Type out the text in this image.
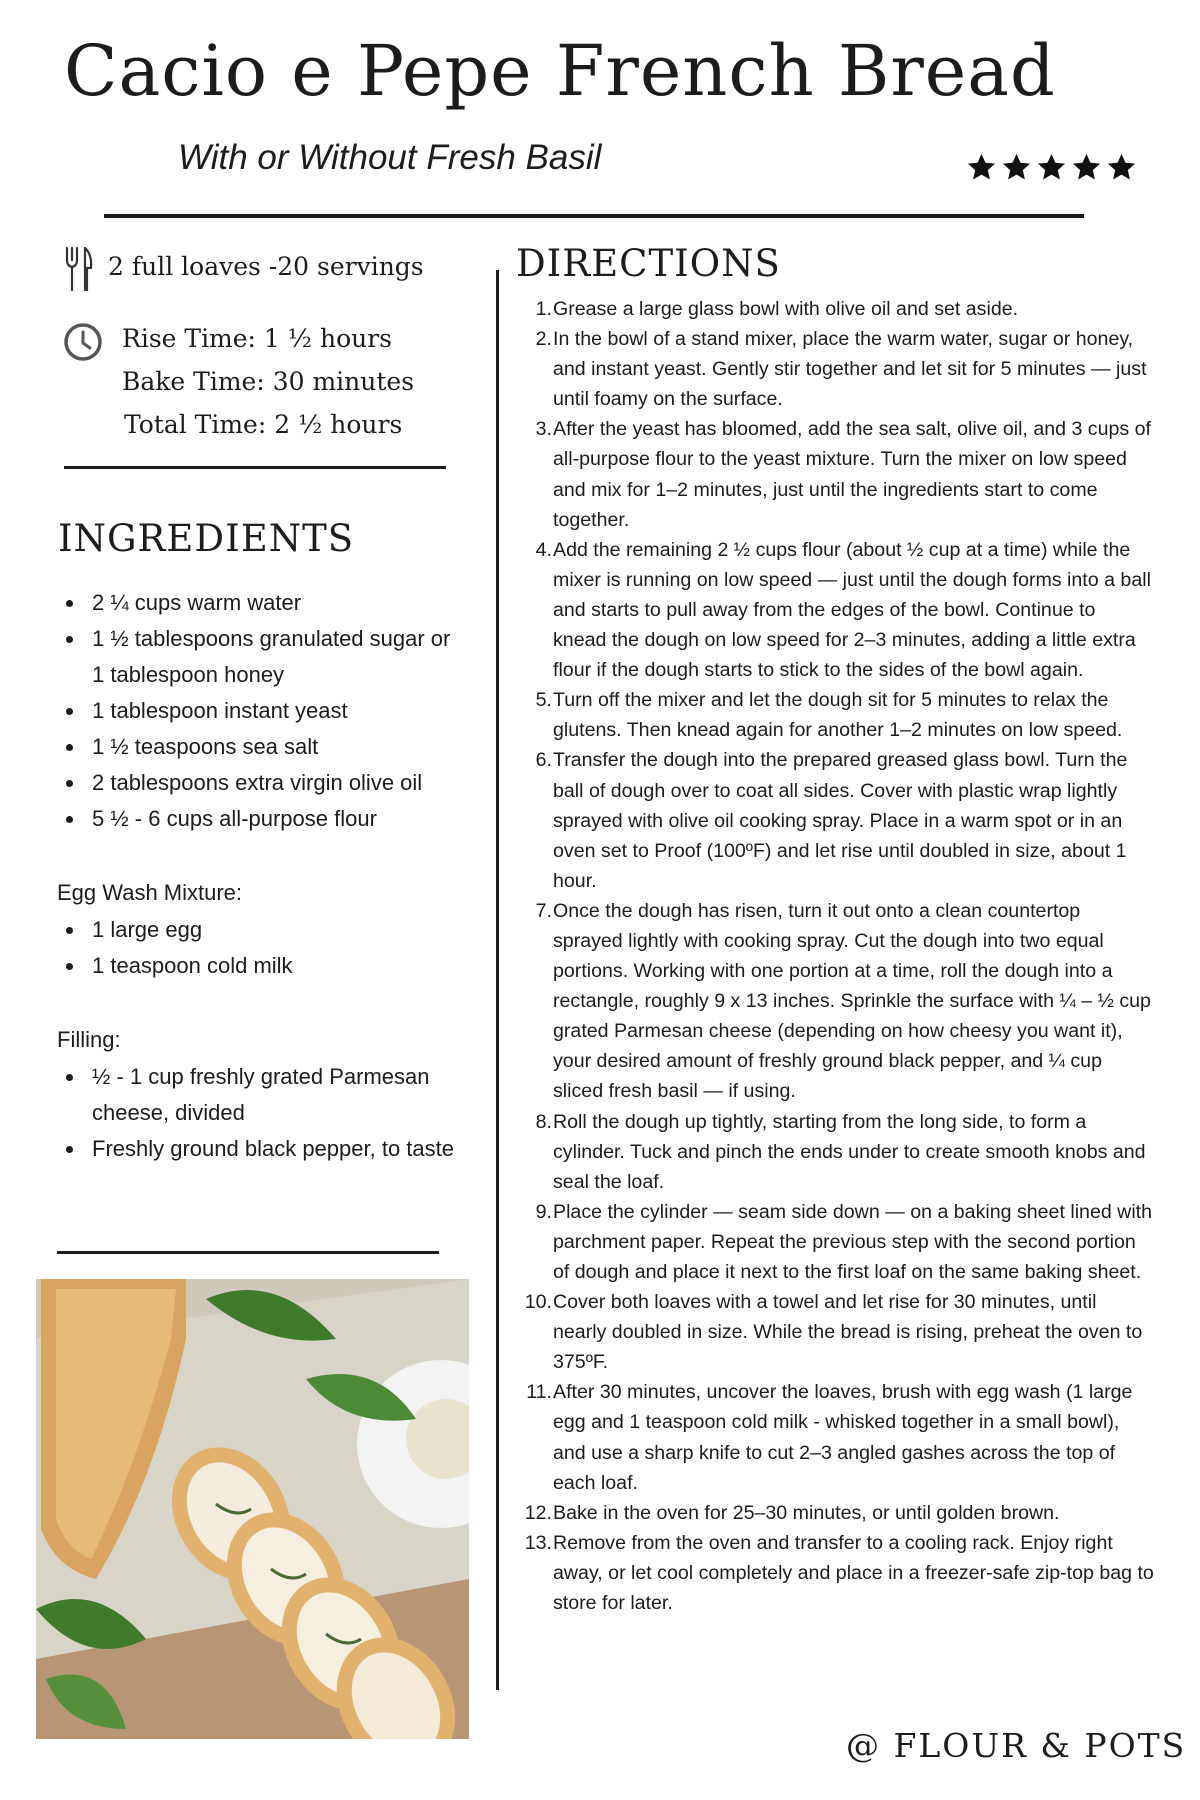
Cacio e Pepe French Bread
With or Without Fresh Basil
2 full loaves -20 servings
Rise Time: 1 ½ hours
Bake Time: 30 minutes
Total Time: 2 ½ hours
INGREDIENTS
2 ¼ cups warm water
1 ½ tablespoons granulated sugar or 1 tablespoon honey
1 tablespoon instant yeast
1 ½ teaspoons sea salt
2 tablespoons extra virgin olive oil
5 ½ - 6 cups all-purpose flour
Egg Wash Mixture:
1 large egg
1 teaspoon cold milk
Filling:
½ - 1 cup freshly grated Parmesan cheese, divided
Freshly ground black pepper, to taste
DIRECTIONS
1. Grease a large glass bowl with olive oil and set aside.
2. In the bowl of a stand mixer, place the warm water, sugar or honey, and instant yeast. Gently stir together and let sit for 5 minutes — just until foamy on the surface.
3. After the yeast has bloomed, add the sea salt, olive oil, and 3 cups of all-purpose flour to the yeast mixture. Turn the mixer on low speed and mix for 1–2 minutes, just until the ingredients start to come together.
4. Add the remaining 2 ½ cups flour (about ½ cup at a time) while the mixer is running on low speed — just until the dough forms into a ball and starts to pull away from the edges of the bowl. Continue to knead the dough on low speed for 2–3 minutes, adding a little extra flour if the dough starts to stick to the sides of the bowl again.
5. Turn off the mixer and let the dough sit for 5 minutes to relax the glutens. Then knead again for another 1–2 minutes on low speed.
6. Transfer the dough into the prepared greased glass bowl. Turn the ball of dough over to coat all sides. Cover with plastic wrap lightly sprayed with olive oil cooking spray. Place in a warm spot or in an oven set to Proof (100ºF) and let rise until doubled in size, about 1 hour.
7. Once the dough has risen, turn it out onto a clean countertop sprayed lightly with cooking spray. Cut the dough into two equal portions. Working with one portion at a time, roll the dough into a rectangle, roughly 9 x 13 inches. Sprinkle the surface with ¼ – ½ cup grated Parmesan cheese (depending on how cheesy you want it), your desired amount of freshly ground black pepper, and ¼ cup sliced fresh basil — if using.
8. Roll the dough up tightly, starting from the long side, to form a cylinder. Tuck and pinch the ends under to create smooth knobs and seal the loaf.
9. Place the cylinder — seam side down — on a baking sheet lined with parchment paper. Repeat the previous step with the second portion of dough and place it next to the first loaf on the same baking sheet.
10. Cover both loaves with a towel and let rise for 30 minutes, until nearly doubled in size. While the bread is rising, preheat the oven to 375ºF.
11. After 30 minutes, uncover the loaves, brush with egg wash (1 large egg and 1 teaspoon cold milk - whisked together in a small bowl), and use a sharp knife to cut 2–3 angled gashes across the top of each loaf.
12. Bake in the oven for 25–30 minutes, or until golden brown.
13. Remove from the oven and transfer to a cooling rack. Enjoy right away, or let cool completely and place in a freezer-safe zip-top bag to store for later.
@ FLOUR & POTS
